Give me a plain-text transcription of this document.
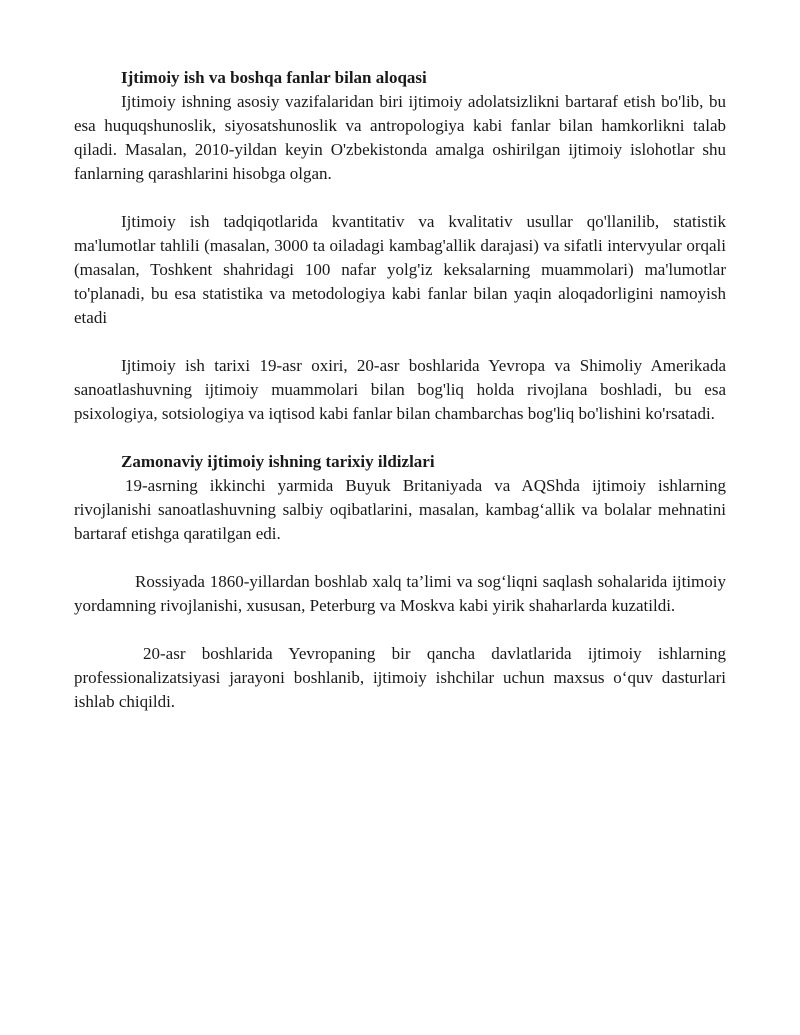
Ijtimoiy ish va boshqa fanlar bilan aloqasi

Ijtimoiy ishning asosiy vazifalaridan biri ijtimoiy adolatsizlikni bartaraf etish bo'lib, bu esa huquqshunoslik, siyosatshunoslik va antropologiya kabi fanlar bilan hamkorlikni talab qiladi. Masalan, 2010-yildan keyin O'zbekistonda amalga oshirilgan ijtimoiy islohotlar shu fanlarning qarashlarini hisobga olgan.

Ijtimoiy ish tadqiqotlarida kvantitativ va kvalitativ usullar qo'llanilib, statistik ma'lumotlar tahlili (masalan, 3000 ta oiladagi kambag'allik darajasi) va sifatli intervyular orqali (masalan, Toshkent shahridagi 100 nafar yolg'iz keksalarning muammolari) ma'lumotlar to'planadi, bu esa statistika va metodologiya kabi fanlar bilan yaqin aloqadorligini namoyish etadi

Ijtimoiy ish tarixi 19-asr oxiri, 20-asr boshlarida Yevropa va Shimoliy Amerikada sanoatlashuvning ijtimoiy muammolari bilan bog'liq holda rivojlana boshladi, bu esa psixologiya, sotsiologiya va iqtisod kabi fanlar bilan chambarchas bog'liq bo'lishini ko'rsatadi.

Zamonaviy ijtimoiy ishning tarixiy ildizlari

19-asrning ikkinchi yarmida Buyuk Britaniyada va AQShda ijtimoiy ishlarning rivojlanishi sanoatlashuvning salbiy oqibatlarini, masalan, kambag‘allik va bolalar mehnatini bartaraf etishga qaratilgan edi.

Rossiyada 1860-yillardan boshlab xalq ta’limi va sog‘liqni saqlash sohalarida ijtimoiy yordamning rivojlanishi, xususan, Peterburg va Moskva kabi yirik shaharlarda kuzatildi.

20-asr boshlarida Yevropaning bir qancha davlatlarida ijtimoiy ishlarning professionalizatsiyasi jarayoni boshlanib, ijtimoiy ishchilar uchun maxsus o‘quv dasturlari ishlab chiqildi.
